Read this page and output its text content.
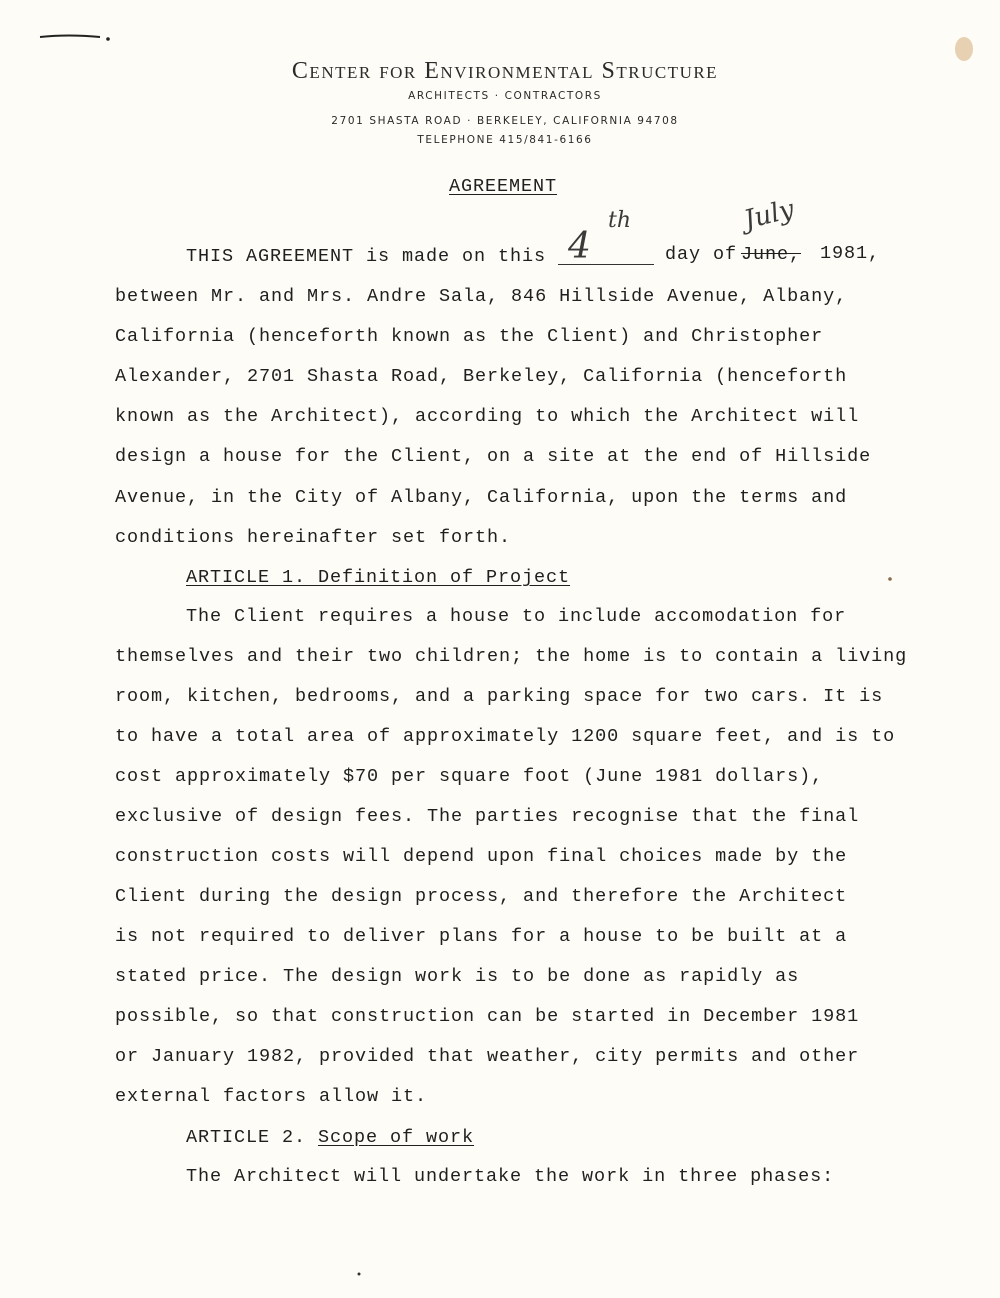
Center for Environmental Structure
ARCHITECTS · CONTRACTORS
2701 SHASTA ROAD · BERKELEY, CALIFORNIA 94708
TELEPHONE 415/841-6166
AGREEMENT
THIS AGREEMENT is made on this 4
th
day of June,
July
1981,
between Mr. and Mrs. Andre Sala, 846 Hillside Avenue, Albany,
California (henceforth known as the Client) and Christopher
Alexander, 2701 Shasta Road, Berkeley, California (henceforth
known as the Architect), according to which the Architect will
design a house for the Client, on a site at the end of Hillside
Avenue, in the City of Albany, California, upon the terms and
conditions hereinafter set forth.
ARTICLE 1. Definition of Project
The Client requires a house to include accomodation for
themselves and their two children; the home is to contain a living
room, kitchen, bedrooms, and a parking space for two cars. It is
to have a total area of approximately 1200 square feet, and is to
cost approximately $70 per square foot (June 1981 dollars),
exclusive of design fees. The parties recognise that the final
construction costs will depend upon final choices made by the
Client during the design process, and therefore the Architect
is not required to deliver plans for a house to be built at a
stated price. The design work is to be done as rapidly as
possible, so that construction can be started in December 1981
or January 1982, provided that weather, city permits and other
external factors allow it.
ARTICLE 2. Scope of work
The Architect will undertake the work in three phases:
